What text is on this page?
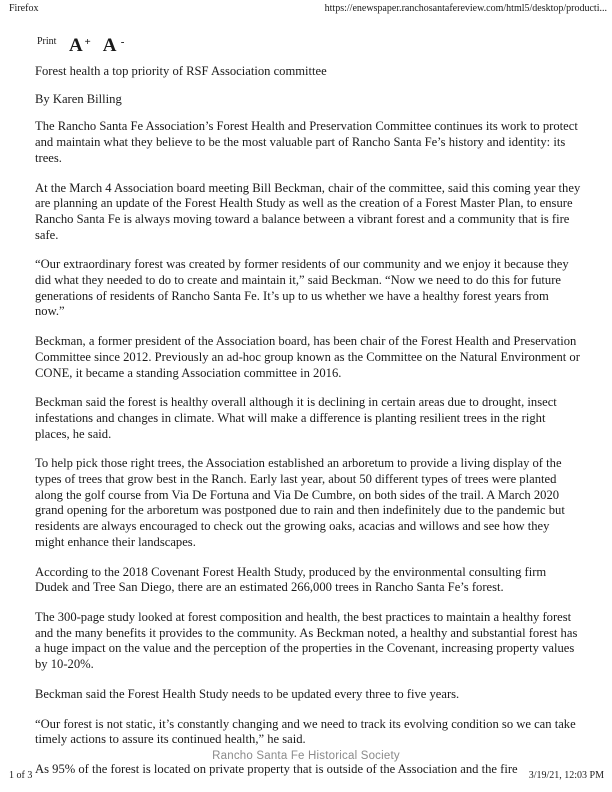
Firefox	https://enewspaper.ranchosantafereview.com/html5/desktop/producti...
Print A + A -

Forest health a top priority of RSF Association committee

By Karen Billing

The Rancho Santa Fe Association’s Forest Health and Preservation Committee continues its work to protect and maintain what they believe to be the most valuable part of Rancho Santa Fe’s history and identity: its trees.

At the March 4 Association board meeting Bill Beckman, chair of the committee, said this coming year they are planning an update of the Forest Health Study as well as the creation of a Forest Master Plan, to ensure Rancho Santa Fe is always moving toward a balance between a vibrant forest and a community that is fire safe.

“Our extraordinary forest was created by former residents of our community and we enjoy it because they did what they needed to do to create and maintain it,” said Beckman. “Now we need to do this for future generations of residents of Rancho Santa Fe. It’s up to us whether we have a healthy forest years from now.”

Beckman, a former president of the Association board, has been chair of the Forest Health and Preservation Committee since 2012. Previously an ad-hoc group known as the Committee on the Natural Environment or CONE, it became a standing Association committee in 2016.

Beckman said the forest is healthy overall although it is declining in certain areas due to drought, insect infestations and changes in climate. What will make a difference is planting resilient trees in the right places, he said.

To help pick those right trees, the Association established an arboretum to provide a living display of the types of trees that grow best in the Ranch. Early last year, about 50 different types of trees were planted along the golf course from Via De Fortuna and Via De Cumbre, on both sides of the trail. A March 2020 grand opening for the arboretum was postponed due to rain and then indefinitely due to the pandemic but residents are always encouraged to check out the growing oaks, acacias and willows and see how they might enhance their landscapes.

According to the 2018 Covenant Forest Health Study, produced by the environmental consulting firm Dudek and Tree San Diego, there are an estimated 266,000 trees in Rancho Santa Fe’s forest.

The 300-page study looked at forest composition and health, the best practices to maintain a healthy forest and the many benefits it provides to the community. As Beckman noted, a healthy and substantial forest has a huge impact on the value and the perception of the properties in the Covenant, increasing property values by 10-20%.

Beckman said the Forest Health Study needs to be updated every three to five years.

“Our forest is not static, it’s constantly changing and we need to track its evolving condition so we can take timely actions to assure its continued health,” he said.

As 95% of the forest is located on private property that is outside of the Association and the fire

Rancho Santa Fe Historical Society
1 of 3	3/19/21, 12:03 PM
